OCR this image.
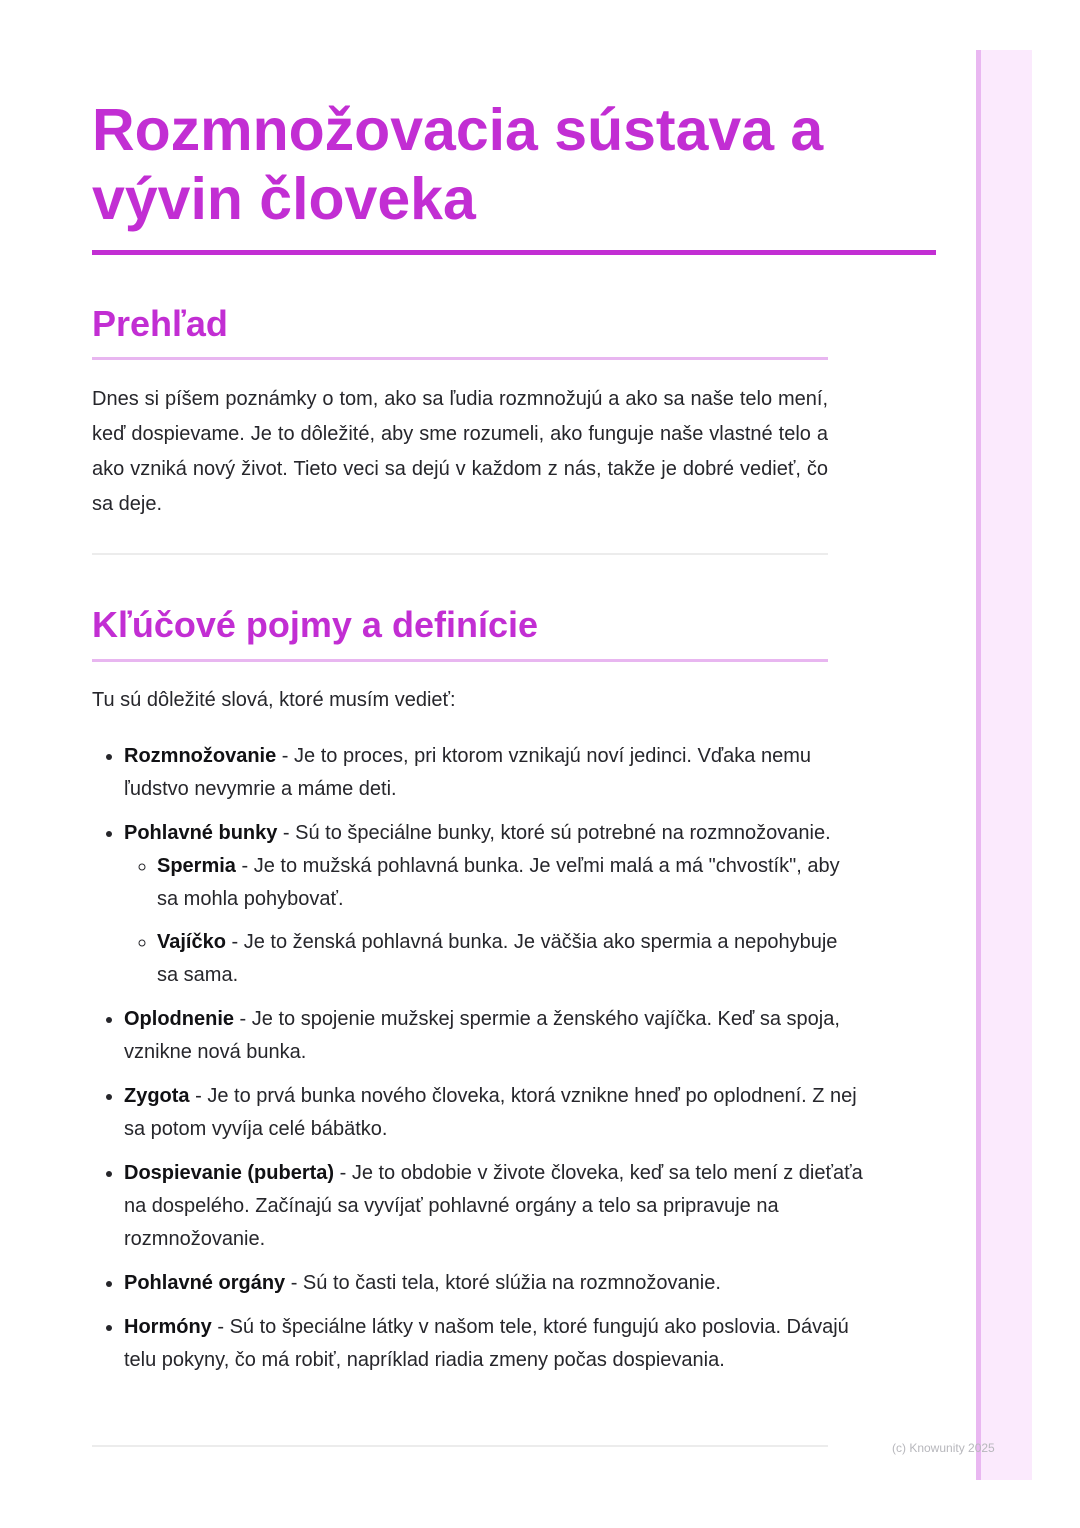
Rozmnožovacia sústava a vývin človeka
Prehľad

Dnes si píšem poznámky o tom, ako sa ľudia rozmnožujú a ako sa naše telo mení, keď dospievame. Je to dôležité, aby sme rozumeli, ako funguje naše vlastné telo a ako vzniká nový život. Tieto veci sa dejú v každom z nás, takže je dobré vedieť, čo sa deje.

Kľúčové pojmy a definície

Tu sú dôležité slová, ktoré musím vedieť:

• Rozmnožovanie - Je to proces, pri ktorom vznikajú noví jedinci. Vďaka nemu ľudstvo nevymrie a máme deti.
• Pohlavné bunky - Sú to špeciálne bunky, ktoré sú potrebné na rozmnožovanie.
◦ Spermia - Je to mužská pohlavná bunka. Je veľmi malá a má "chvostík", aby sa mohla pohybovať.
◦ Vajíčko - Je to ženská pohlavná bunka. Je väčšia ako spermia a nepohybuje sa sama.
• Oplodnenie - Je to spojenie mužskej spermie a ženského vajíčka. Keď sa spoja, vznikne nová bunka.
• Zygota - Je to prvá bunka nového človeka, ktorá vznikne hneď po oplodnení. Z nej sa potom vyvíja celé bábätko.
• Dospievanie (puberta) - Je to obdobie v živote človeka, keď sa telo mení z dieťaťa na dospelého. Začínajú sa vyvíjať pohlavné orgány a telo sa pripravuje na rozmnožovanie.
• Pohlavné orgány - Sú to časti tela, ktoré slúžia na rozmnožovanie.
• Hormóny - Sú to špeciálne látky v našom tele, ktoré fungujú ako poslovia. Dávajú telu pokyny, čo má robiť, napríklad riadia zmeny počas dospievania.
(c) Knowunity 2025
